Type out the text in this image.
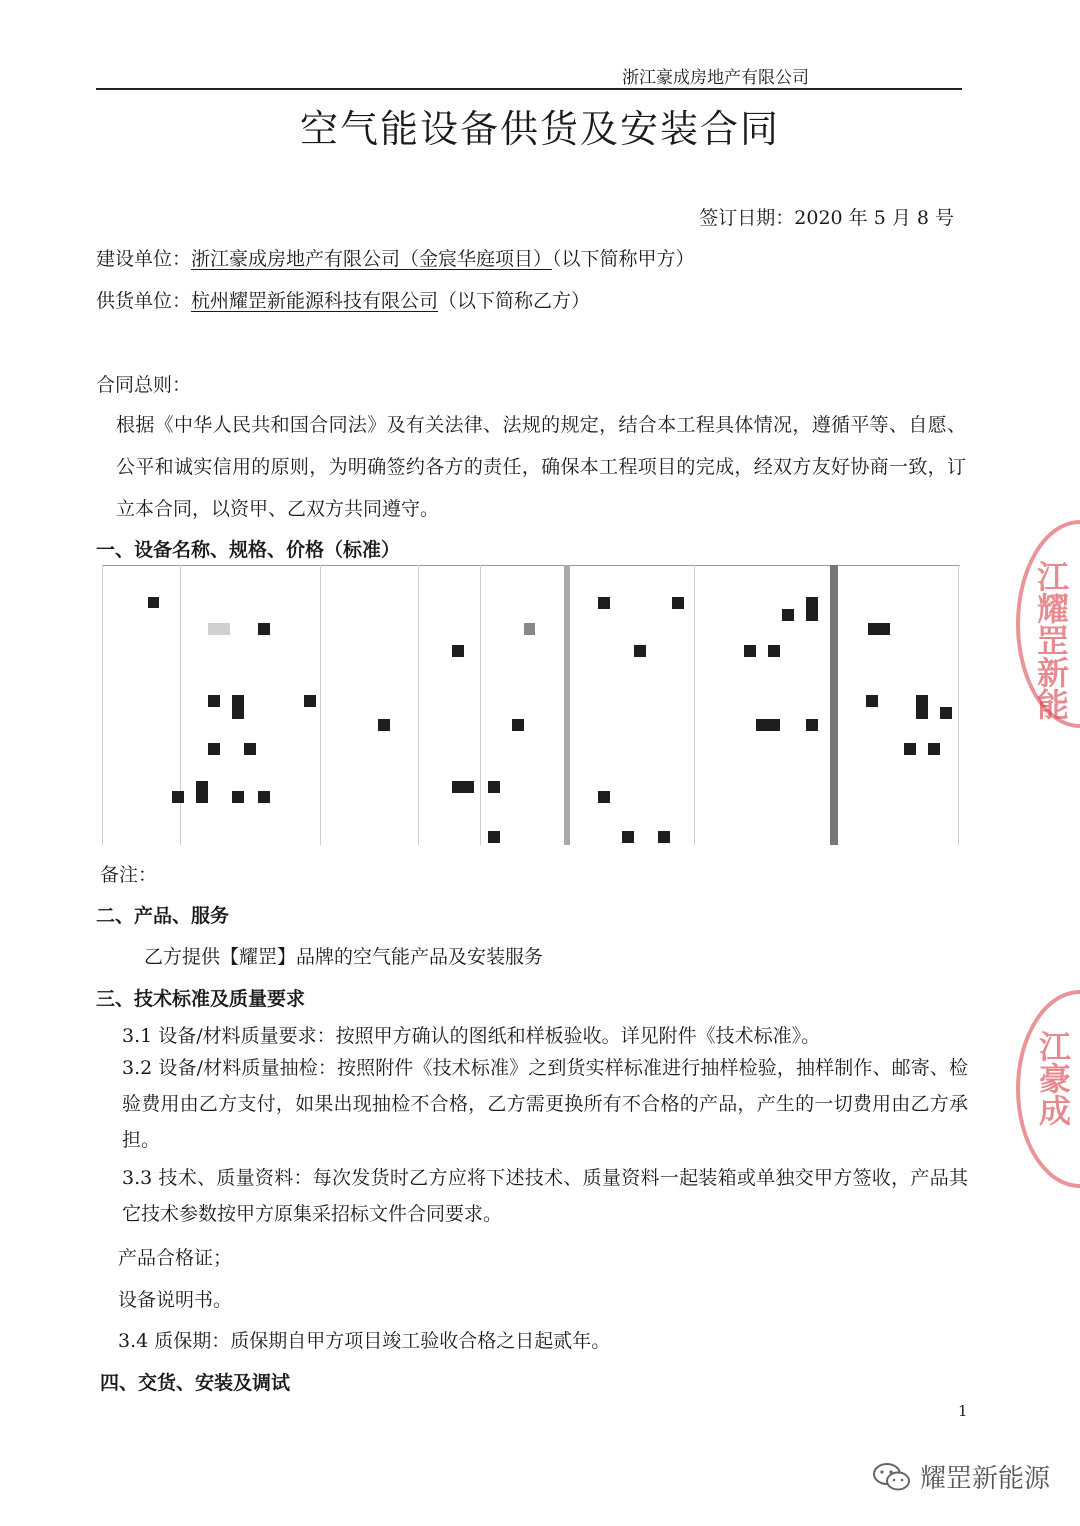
浙江豪成房地产有限公司
空气能设备供货及安装合同
签订日期：2020 年 5 月 8 号
建设单位：浙江豪成房地产有限公司（金宸华庭项目）（以下简称甲方）
供货单位：杭州耀罡新能源科技有限公司（以下简称乙方）
合同总则：
根据《中华人民共和国合同法》及有关法律、法规的规定，结合本工程具体情况，遵循平等、自愿、公平和诚实信用的原则，为明确签约各方的责任，确保本工程项目的完成，经双方友好协商一致，订立本合同，以资甲、乙双方共同遵守。
一、设备名称、规格、价格（标准）
备注：
二、产品、服务
乙方提供【耀罡】品牌的空气能产品及安装服务
三、技术标准及质量要求
3.1 设备/材料质量要求：按照甲方确认的图纸和样板验收。详见附件《技术标准》。
3.2 设备/材料质量抽检：按照附件《技术标准》之到货实样标准进行抽样检验，抽样制作、邮寄、检验费用由乙方支付，如果出现抽检不合格，乙方需更换所有不合格的产品，产生的一切费用由乙方承担。
3.3 技术、质量资料：每次发货时乙方应将下述技术、质量资料一起装箱或单独交甲方签收，产品其它技术参数按甲方原集采招标文件合同要求。
产品合格证；
设备说明书。
3.4 质保期：质保期自甲方项目竣工验收合格之日起贰年。
四、交货、安装及调试
1
江耀罡新能
江豪成
耀罡新能源
